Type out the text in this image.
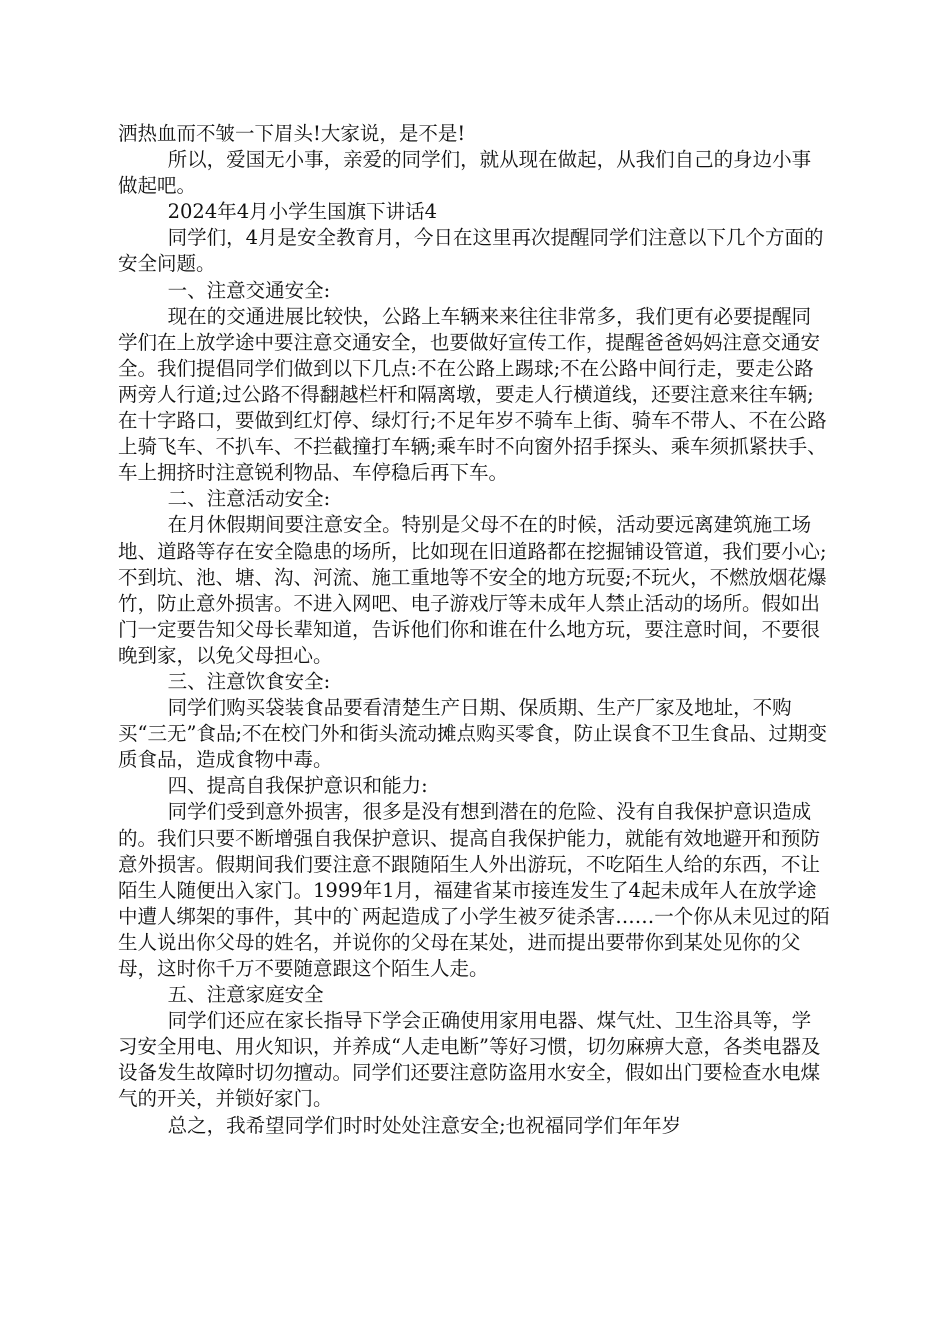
洒热血而不皱一下眉头!大家说，是不是!

所以，爱国无小事，亲爱的同学们，就从现在做起，从我们自己的身边小事做起吧。

2024年4月小学生国旗下讲话4

同学们，4月是安全教育月，今日在这里再次提醒同学们注意以下几个方面的安全问题。

一、注意交通安全:

现在的交通进展比较快，公路上车辆来来往往非常多，我们更有必要提醒同学们在上放学途中要注意交通安全，也要做好宣传工作，提醒爸爸妈妈注意交通安全。我们提倡同学们做到以下几点:不在公路上踢球;不在公路中间行走，要走公路两旁人行道;过公路不得翻越栏杆和隔离墩，要走人行横道线，还要注意来往车辆;在十字路口，要做到红灯停、绿灯行;不足年岁不骑车上街、骑车不带人、不在公路上骑飞车、不扒车、不拦截撞打车辆;乘车时不向窗外招手探头、乘车须抓紧扶手、车上拥挤时注意锐利物品、车停稳后再下车。

二、注意活动安全:

在月休假期间要注意安全。特别是父母不在的时候，活动要远离建筑施工场地、道路等存在安全隐患的场所，比如现在旧道路都在挖掘铺设管道，我们要小心;不到坑、池、塘、沟、河流、施工重地等不安全的地方玩耍;不玩火，不燃放烟花爆竹，防止意外损害。不进入网吧、电子游戏厅等未成年人禁止活动的场所。假如出门一定要告知父母长辈知道，告诉他们你和谁在什么地方玩，要注意时间，不要很晚到家，以免父母担心。

三、注意饮食安全:

同学们购买袋装食品要看清楚生产日期、保质期、生产厂家及地址，不购买“三无”食品;不在校门外和街头流动摊点购买零食，防止误食不卫生食品、过期变质食品，造成食物中毒。

四、提高自我保护意识和能力:

同学们受到意外损害，很多是没有想到潜在的危险、没有自我保护意识造成的。我们只要不断增强自我保护意识、提高自我保护能力，就能有效地避开和预防意外损害。假期间我们要注意不跟随陌生人外出游玩，不吃陌生人给的东西，不让陌生人随便出入家门。1999年1月，福建省某市接连发生了4起未成年人在放学途中遭人绑架的事件，其中的`两起造成了小学生被歹徒杀害……一个你从未见过的陌生人说出你父母的姓名，并说你的父母在某处，进而提出要带你到某处见你的父母，这时你千万不要随意跟这个陌生人走。

五、注意家庭安全

同学们还应在家长指导下学会正确使用家用电器、煤气灶、卫生浴具等，学习安全用电、用火知识，并养成“人走电断”等好习惯，切勿麻痹大意，各类电器及设备发生故障时切勿擅动。同学们还要注意防盗用水安全，假如出门要检查水电煤气的开关，并锁好家门。

总之，我希望同学们时时处处注意安全;也祝福同学们年年岁
